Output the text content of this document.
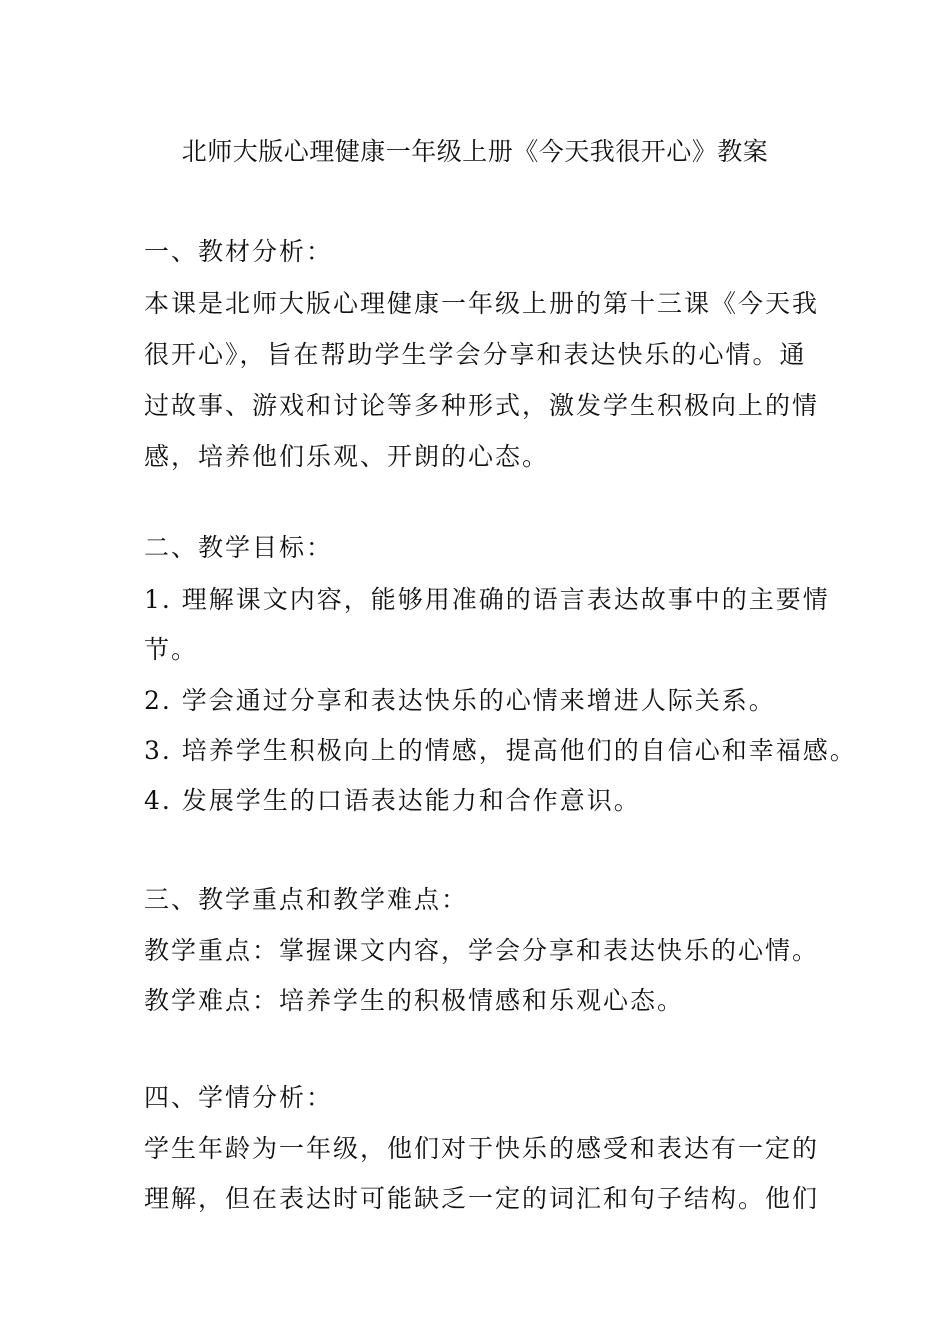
北师大版心理健康一年级上册《今天我很开心》教案
一、教材分析：
本课是北师大版心理健康一年级上册的第十三课《今天我
很开心》，旨在帮助学生学会分享和表达快乐的心情。通
过故事、游戏和讨论等多种形式，激发学生积极向上的情
感，培养他们乐观、开朗的心态。
二、教学目标：
1. 理解课文内容，能够用准确的语言表达故事中的主要情
节。
2. 学会通过分享和表达快乐的心情来增进人际关系。
3. 培养学生积极向上的情感，提高他们的自信心和幸福感。
4. 发展学生的口语表达能力和合作意识。
三、教学重点和教学难点：
教学重点：掌握课文内容，学会分享和表达快乐的心情。
教学难点：培养学生的积极情感和乐观心态。
四、学情分析：
学生年龄为一年级，他们对于快乐的感受和表达有一定的
理解，但在表达时可能缺乏一定的词汇和句子结构。他们
